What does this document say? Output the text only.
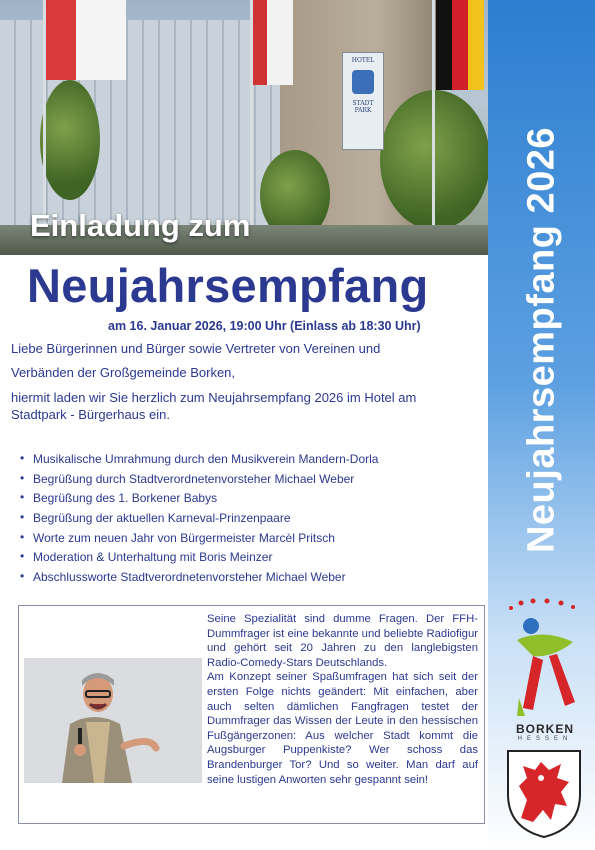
HOTEL
STADT
PARK
Einladung zum	Neujahrsempfang 2026
BORKEN
HESSEN
Neujahrsempfang
am 16. Januar 2026, 19:00 Uhr (Einlass ab 18:30 Uhr)
Liebe Bürgerinnen und Bürger sowie Vertreter von Vereinen und
Verbänden der Großgemeinde Borken,
hiermit laden wir Sie herzlich zum Neujahrsempfang 2026 im Hotel am
Stadtpark - Bürgerhaus ein.
• Musikalische Umrahmung durch den Musikverein Mandern-Dorla
• Begrüßung durch Stadtverordnetenvorsteher Michael Weber
• Begrüßung des 1. Borkener Babys
• Begrüßung der aktuellen Karneval-Prinzenpaare
• Worte zum neuen Jahr von Bürgermeister Marcèl Pritsch
• Moderation & Unterhaltung mit Boris Meinzer
• Abschlussworte Stadtverordnetenvorsteher Michael Weber

Seine Spezialität sind dumme Fragen. Der FFH-Dummfrager ist eine bekannte und beliebte Radiofigur und gehört seit 20 Jahren zu den langlebigsten Radio-Comedy-Stars Deutschlands.

Am Konzept seiner Spaßumfragen hat sich seit der ersten Folge nichts geändert: Mit einfachen, aber auch selten dämlichen Fangfragen testet der Dummfrager das Wissen der Leute in den hessischen Fußgängerzonen: Aus welcher Stadt kommt die Augsburger Puppenkiste? Wer schoss das Brandenburger Tor? Und so weiter. Man darf auf seine lustigen Anworten sehr gespannt sein!
